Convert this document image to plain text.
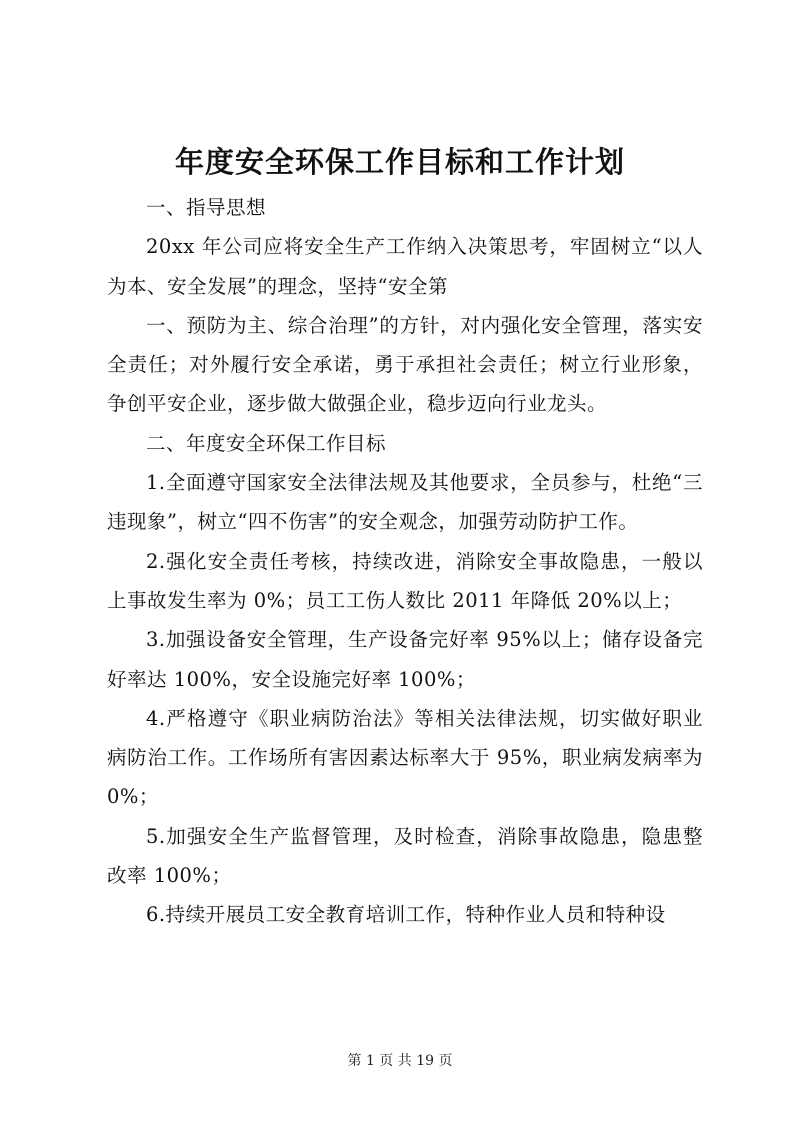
年度安全环保工作目标和工作计划

一、指导思想

20xx 年公司应将安全生产工作纳入决策思考，牢固树立“以人为本、安全发展”的理念，坚持“安全第

一、预防为主、综合治理”的方针，对内强化安全管理，落实安全责任；对外履行安全承诺，勇于承担社会责任；树立行业形象，争创平安企业，逐步做大做强企业，稳步迈向行业龙头。

二、年度安全环保工作目标

1.全面遵守国家安全法律法规及其他要求，全员参与，杜绝“三违现象”，树立“四不伤害”的安全观念，加强劳动防护工作。

2.强化安全责任考核，持续改进，消除安全事故隐患，一般以上事故发生率为 0%；员工工伤人数比 2011 年降低 20%以上；

3.加强设备安全管理，生产设备完好率 95%以上；储存设备完好率达 100%，安全设施完好率 100%；

4.严格遵守《职业病防治法》等相关法律法规，切实做好职业病防治工作。工作场所有害因素达标率大于 95%，职业病发病率为 0%；

5.加强安全生产监督管理，及时检查，消除事故隐患，隐患整改率 100%；

6.持续开展员工安全教育培训工作，特种作业人员和特种设

第 1 页 共 19 页
